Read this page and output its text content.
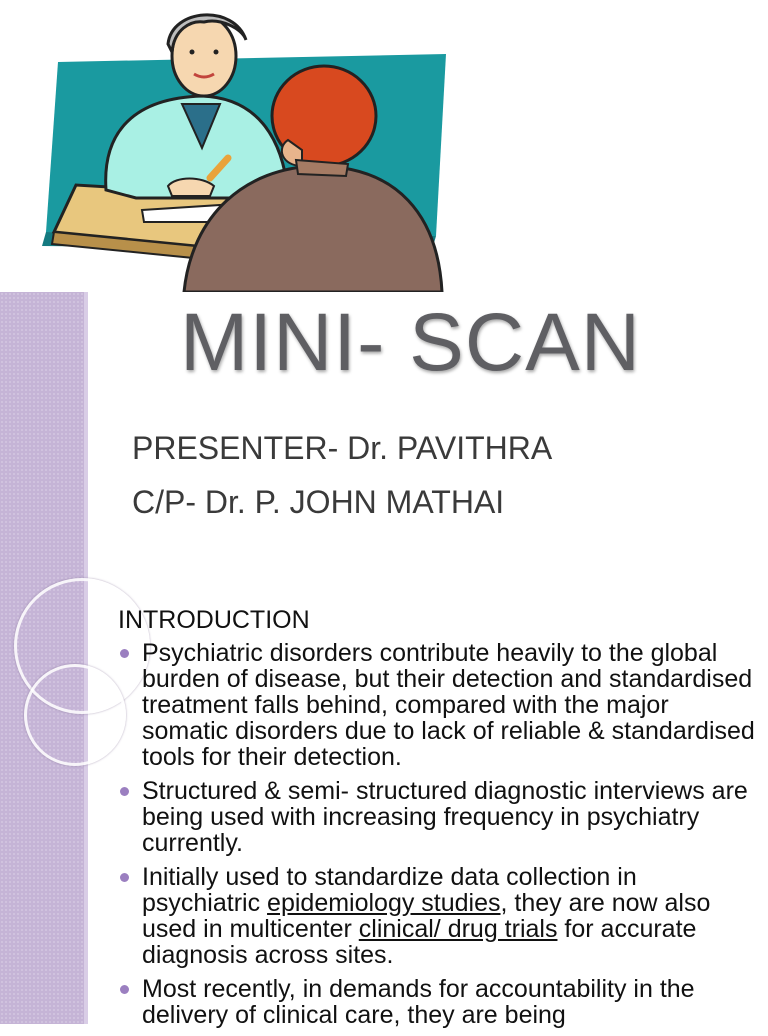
MINI- SCAN
PRESENTER- Dr. PAVITHRA
C/P- Dr. P. JOHN MATHAI
INTRODUCTION
Psychiatric disorders contribute heavily to the global burden of disease, but their detection and standardised treatment falls behind, compared with the major somatic disorders due to lack of reliable & standardised tools for their detection.
Structured & semi- structured diagnostic interviews are being used with increasing frequency in psychiatry currently.
Initially used to standardize data collection in psychiatric epidemiology studies, they are now also used in multicenter clinical/ drug trials for accurate diagnosis across sites.
Most recently, in demands for accountability in the delivery of clinical care, they are being
